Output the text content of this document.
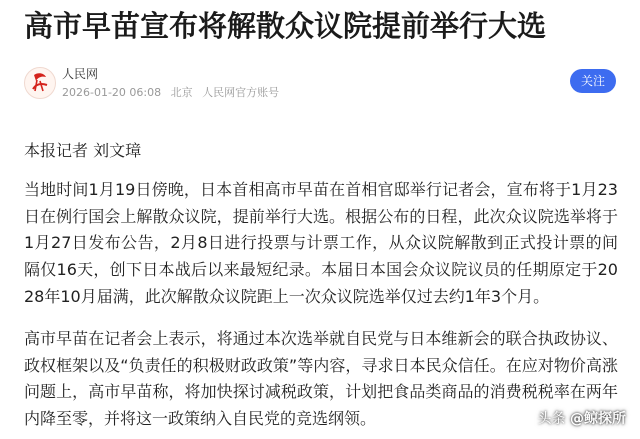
高市早苗宣布将解散众议院提前举行大选
人民网
2026-01-20 06:08 北京 人民网官方账号
关注
本报记者 刘文璋

当地时间1月19日傍晚，日本首相高市早苗在首相官邸举行记者会，宣布将于1月23日在例行国会上解散众议院，提前举行大选。根据公布的日程，此次众议院选举将于1月27日发布公告，2月8日进行投票与计票工作，从众议院解散到正式投计票的间隔仅16天，创下日本战后以来最短纪录。本届日本国会众议院议员的任期原定于2028年10月届满，此次解散众议院距上一次众议院选举仅过去约1年3个月。

高市早苗在记者会上表示，将通过本次选举就自民党与日本维新会的联合执政协议、政权框架以及“负责任的积极财政政策”等内容，寻求日本民众信任。在应对物价高涨问题上，高市早苗称，将加快探讨减税政策，计划把食品类商品的消费税税率在两年内降至零，并将这一政策纳入自民党的竞选纲领。	头条 @鲸探所
